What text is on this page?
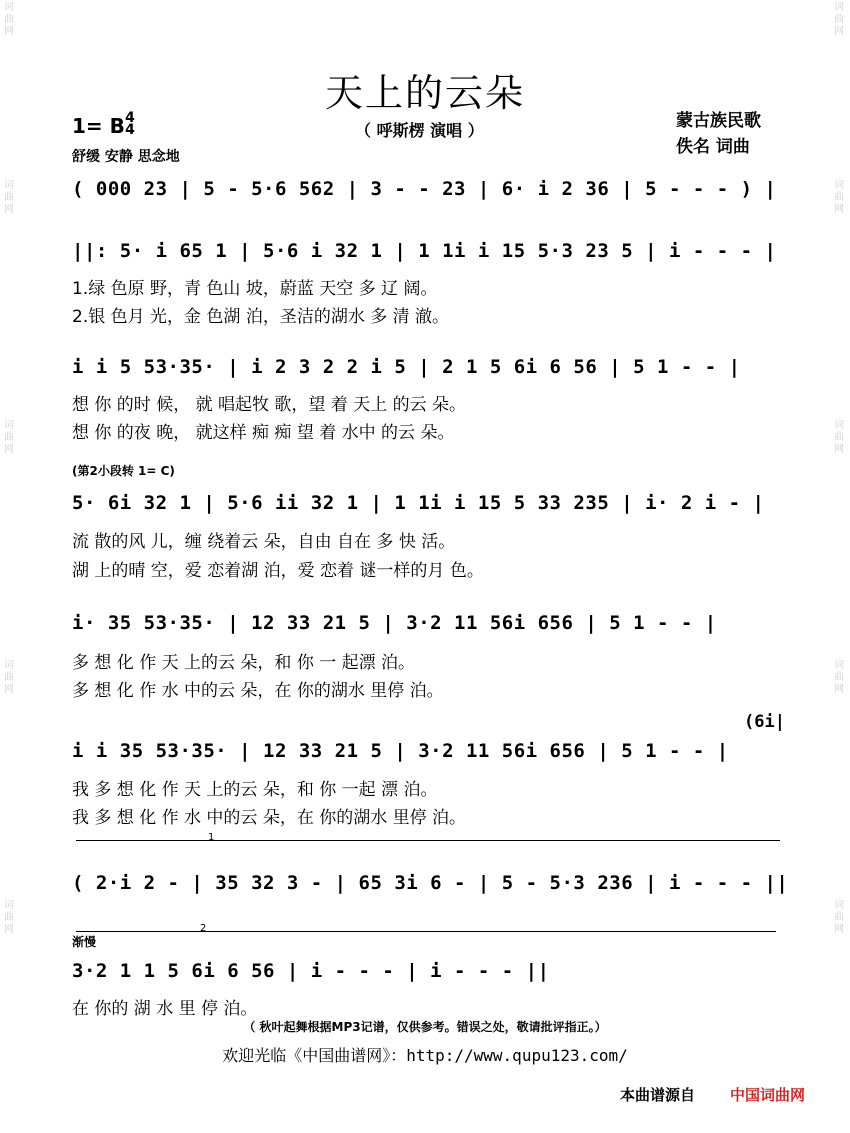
词曲网
词曲网
词曲网
词曲网
词曲网
词曲网
词曲网
词曲网
词曲网
词曲网
天上的云朵
1= B 4
4
舒缓 安静 思念地
（ 呼斯楞 演唱 ）	蒙古族民歌
佚名 词曲
( 000 23 | 5 - 5·6 562 | 3 - - 23 | 6· i 2 36 | 5 - - - ) |
||: 5· i 65 1 | 5·6 i 32 1 | 1 1i i 15 5·3 23 5 | i - - - |
1.绿 色原 野，青 色山 坡，蔚蓝 天空 多 辽 阔。
2.银 色月 光，金 色湖 泊，圣洁的湖水 多 清 澈。
i i 5 53·35· | i 2 3 2 2 i 5 | 2 1 5 6i 6 56 | 5 1 - - |
想 你 的时 候， 就 唱起牧 歌，望 着 天上 的云 朵。
想 你 的夜 晚， 就这样 痴 痴 望 着 水中 的云 朵。
(第2小段转 1= C)
5· 6i 32 1 | 5·6 ii 32 1 | 1 1i i 15 5 33 235 | i· 2 i - |
流 散的风 儿，缠 绕着云 朵，自由 自在 多 快 活。
湖 上的晴 空，爱 恋着湖 泊，爱 恋着 谜一样的月 色。
i· 35 53·35· | 12 33 21 5 | 3·2 11 56i 656 | 5 1 - - |
多 想 化 作 天 上的云 朵，和 你 一 起漂 泊。
多 想 化 作 水 中的云 朵，在 你的湖水 里停 泊。
(6i|
i i 35 53·35· | 12 33 21 5 | 3·2 11 56i 656 | 5 1 - - |
我 多 想 化 作 天 上的云 朵，和 你 一起 漂 泊。
我 多 想 化 作 水 中的云 朵，在 你的湖水 里停 泊。
1
( 2·i 2 - | 35 32 3 - | 65 3i 6 - | 5 - 5·3 236 | i - - - ||
2
渐慢
3·2 1 1 5 6i 6 56 | i - - - | i - - - ||
在 你的 湖 水 里 停 泊。
（ 秋叶起舞根据MP3记谱，仅供参考。错误之处，敬请批评指正。）
欢迎光临《中国曲谱网》：http://www.qupu123.com/
本曲谱源自 中国词曲网
